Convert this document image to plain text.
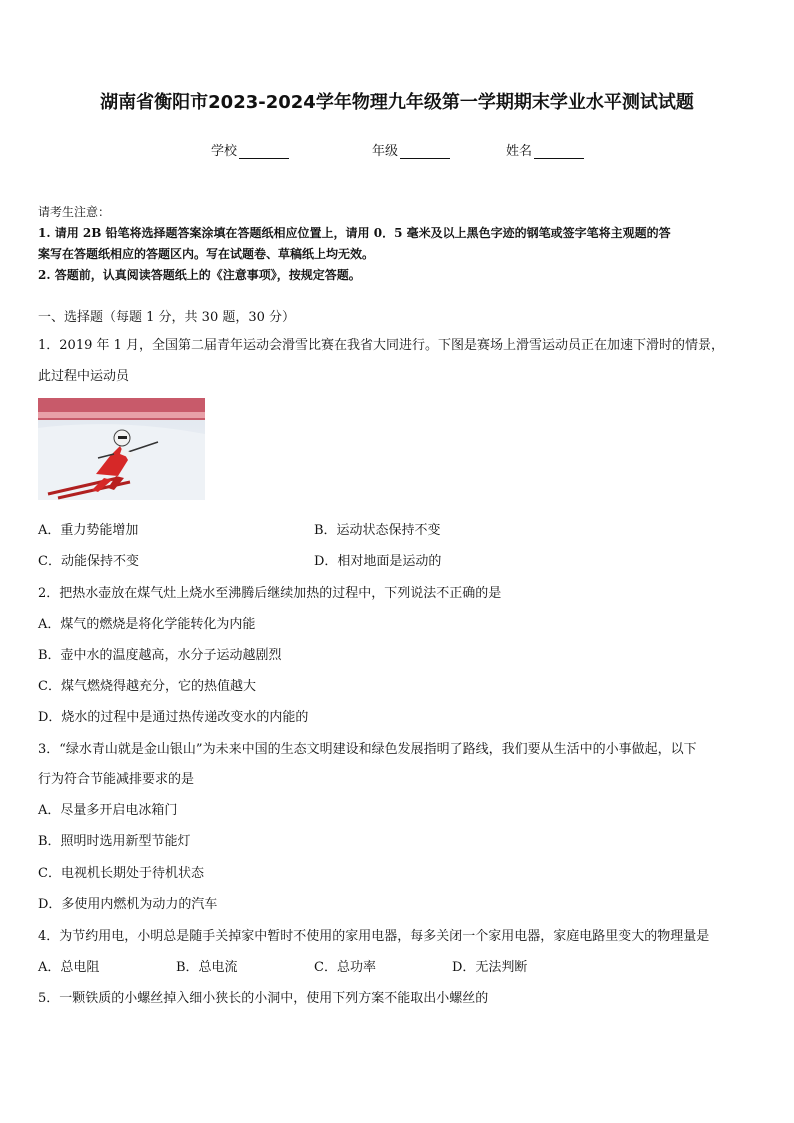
湖南省衡阳市2023-2024学年物理九年级第一学期期末学业水平测试试题
学校	年级	姓名
请考生注意：
1. 请用 2B 铅笔将选择题答案涂填在答题纸相应位置上，请用 0．5 毫米及以上黑色字迹的钢笔或签字笔将主观题的答
案写在答题纸相应的答题区内。写在试题卷、草稿纸上均无效。
2. 答题前，认真阅读答题纸上的《注意事项》，按规定答题。
一、选择题（每题 1 分，共 30 题，30 分）
1．2019 年 1 月，全国第二届青年运动会滑雪比赛在我省大同进行。下图是赛场上滑雪运动员正在加速下滑时的情景，
此过程中运动员
A．重力势能增加	B．运动状态保持不变
C．动能保持不变	D．相对地面是运动的
2．把热水壶放在煤气灶上烧水至沸腾后继续加热的过程中，下列说法不正确的是
A．煤气的燃烧是将化学能转化为内能
B．壶中水的温度越高，水分子运动越剧烈
C．煤气燃烧得越充分，它的热值越大
D．烧水的过程中是通过热传递改变水的内能的
3．“绿水青山就是金山银山”为未来中国的生态文明建设和绿色发展指明了路线，我们要从生活中的小事做起，以下
行为符合节能减排要求的是
A．尽量多开启电冰箱门
B．照明时选用新型节能灯
C．电视机长期处于待机状态
D．多使用内燃机为动力的汽车
4．为节约用电，小明总是随手关掉家中暂时不使用的家用电器，每多关闭一个家用电器，家庭电路里变大的物理量是
A．总电阻	B．总电流	C．总功率	D．无法判断
5．一颗铁质的小螺丝掉入细小狭长的小洞中，使用下列方案不能取出小螺丝的
